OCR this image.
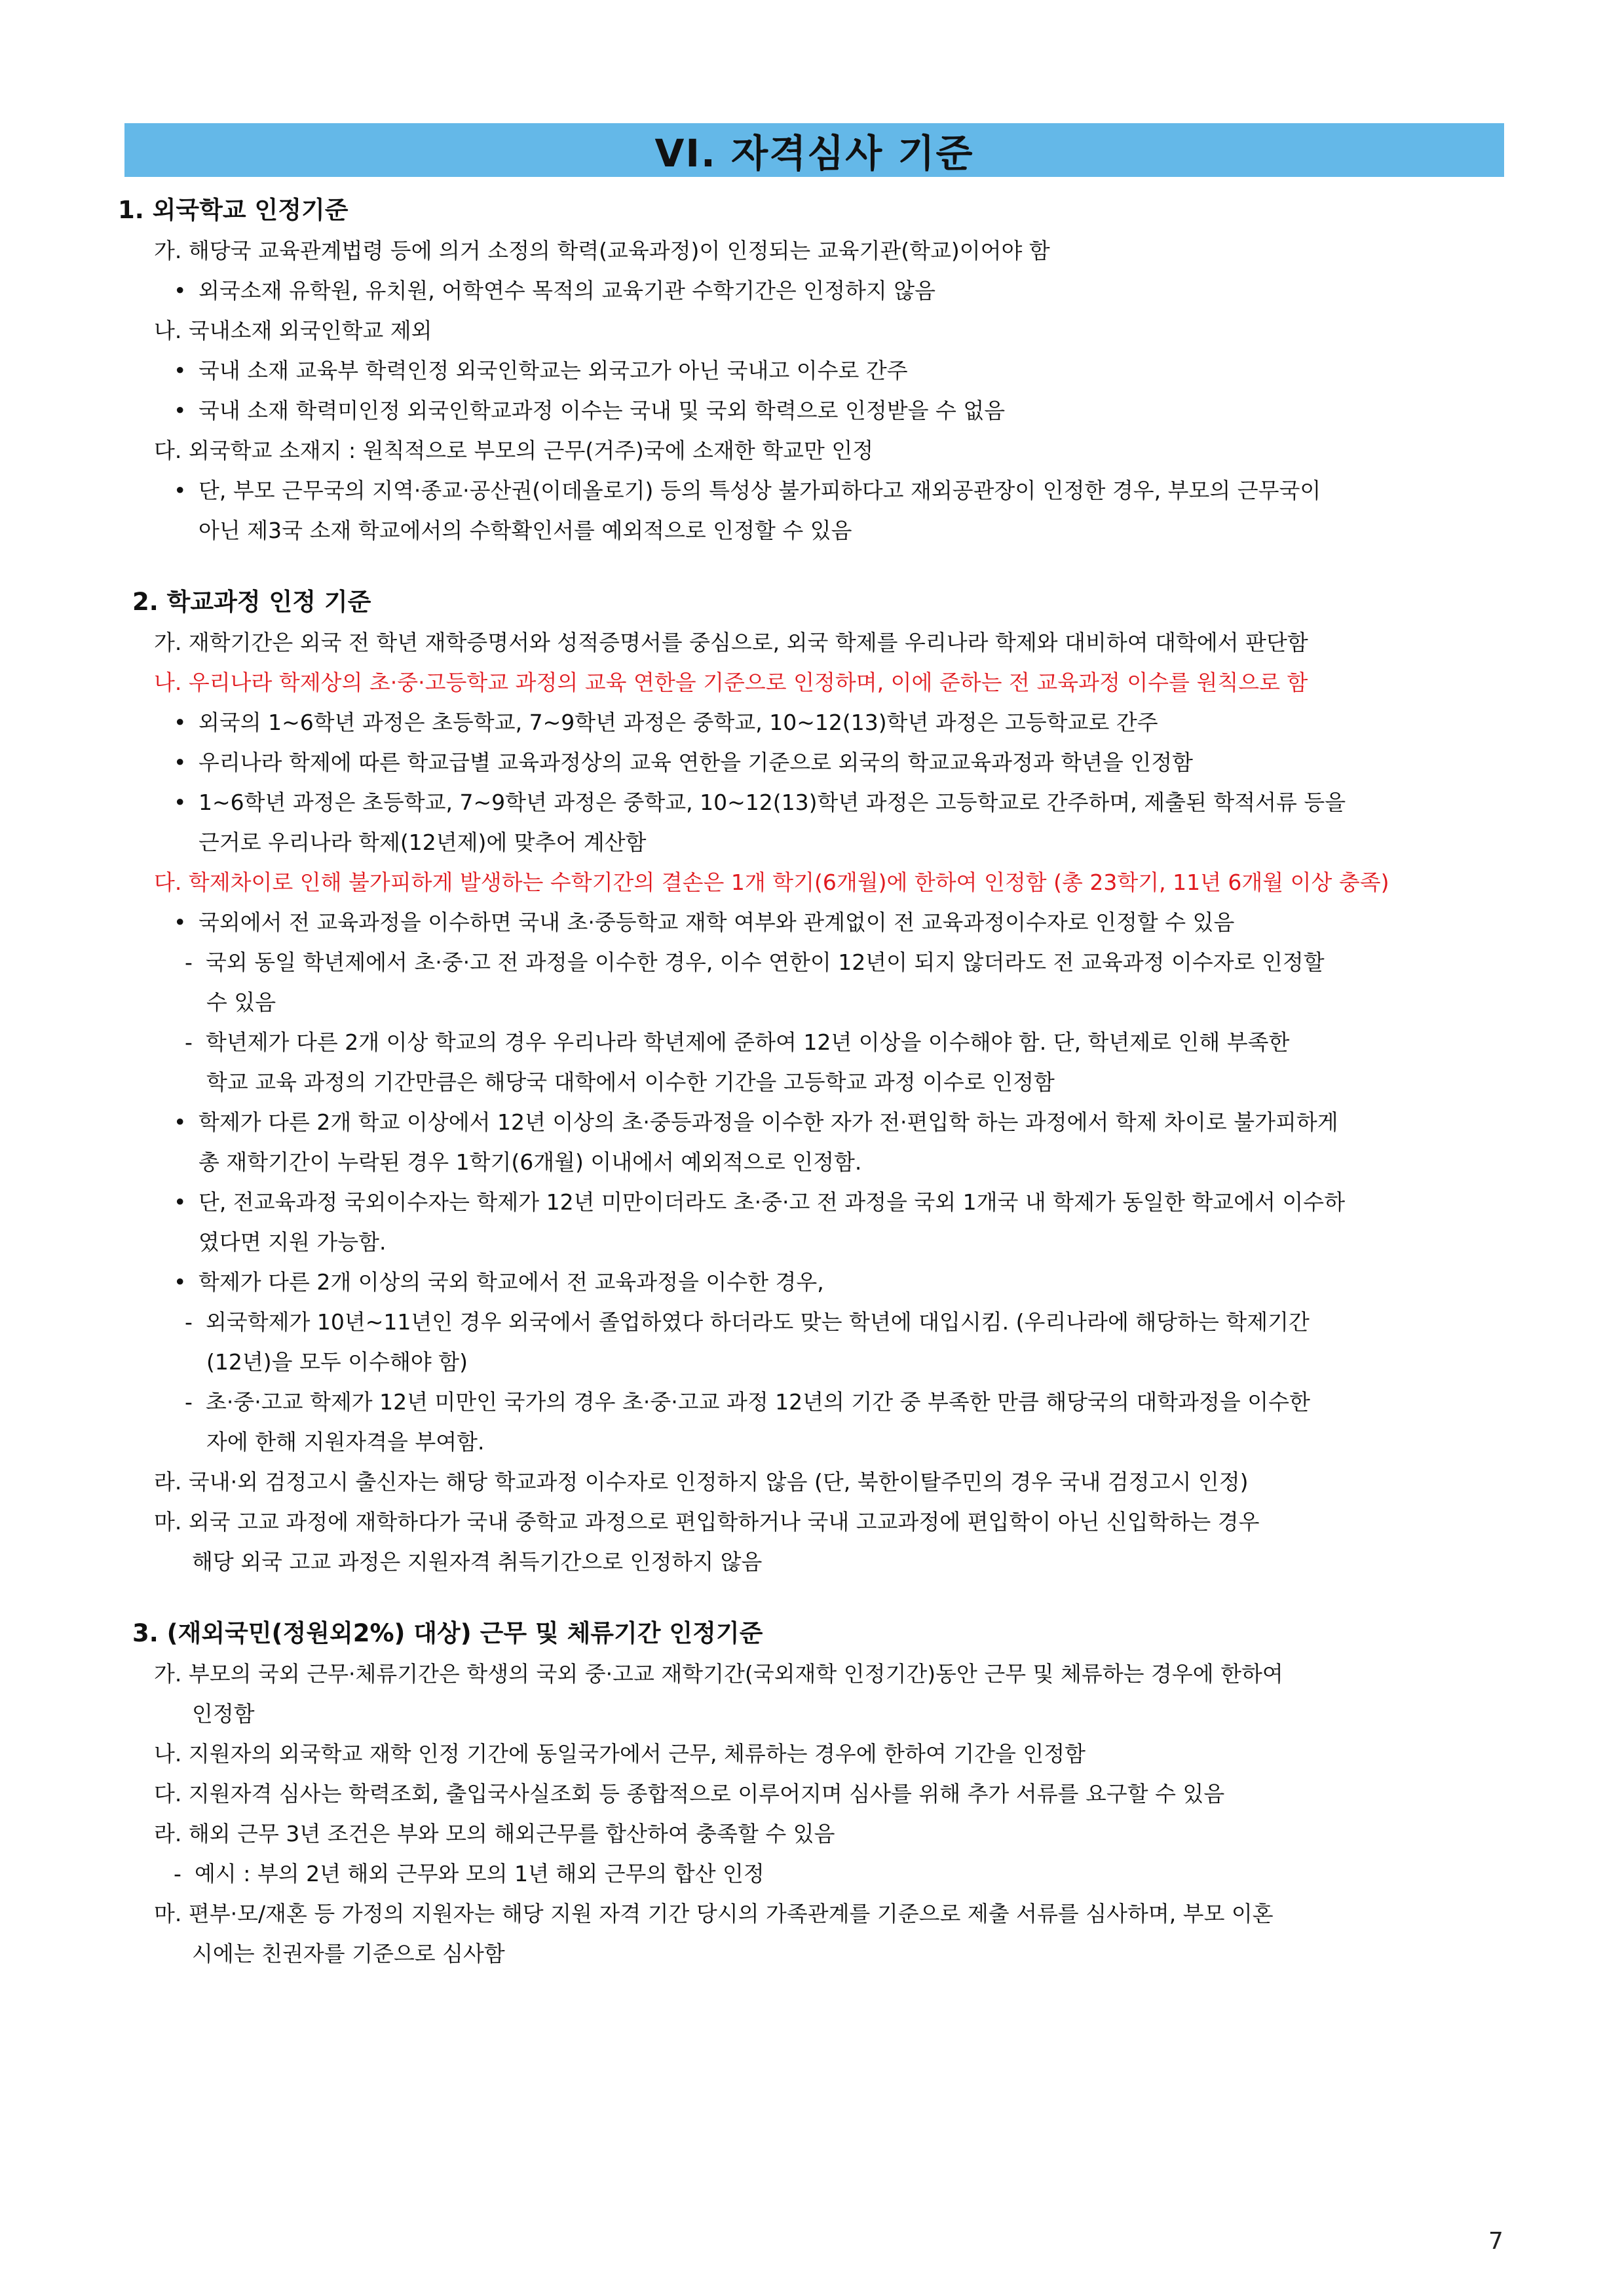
VI. 자격심사 기준
1. 외국학교 인정기준
가. 해당국 교육관계법령 등에 의거 소정의 학력(교육과정)이 인정되는 교육기관(학교)이어야 함
• 외국소재 유학원, 유치원, 어학연수 목적의 교육기관 수학기간은 인정하지 않음
나. 국내소재 외국인학교 제외
• 국내 소재 교육부 학력인정 외국인학교는 외국고가 아닌 국내고 이수로 간주
• 국내 소재 학력미인정 외국인학교과정 이수는 국내 및 국외 학력으로 인정받을 수 없음
다. 외국학교 소재지 : 원칙적으로 부모의 근무(거주)국에 소재한 학교만 인정
• 단, 부모 근무국의 지역·종교·공산권(이데올로기) 등의 특성상 불가피하다고 재외공관장이 인정한 경우, 부모의 근무국이
아닌 제3국 소재 학교에서의 수학확인서를 예외적으로 인정할 수 있음
2. 학교과정 인정 기준
가. 재학기간은 외국 전 학년 재학증명서와 성적증명서를 중심으로, 외국 학제를 우리나라 학제와 대비하여 대학에서 판단함
나. 우리나라 학제상의 초·중·고등학교 과정의 교육 연한을 기준으로 인정하며, 이에 준하는 전 교육과정 이수를 원칙으로 함
• 외국의 1~6학년 과정은 초등학교, 7~9학년 과정은 중학교, 10~12(13)학년 과정은 고등학교로 간주
• 우리나라 학제에 따른 학교급별 교육과정상의 교육 연한을 기준으로 외국의 학교교육과정과 학년을 인정함
• 1~6학년 과정은 초등학교, 7~9학년 과정은 중학교, 10~12(13)학년 과정은 고등학교로 간주하며, 제출된 학적서류 등을
근거로 우리나라 학제(12년제)에 맞추어 계산함
다. 학제차이로 인해 불가피하게 발생하는 수학기간의 결손은 1개 학기(6개월)에 한하여 인정함 (총 23학기, 11년 6개월 이상 충족)
• 국외에서 전 교육과정을 이수하면 국내 초·중등학교 재학 여부와 관계없이 전 교육과정이수자로 인정할 수 있음
- 국외 동일 학년제에서 초·중·고 전 과정을 이수한 경우, 이수 연한이 12년이 되지 않더라도 전 교육과정 이수자로 인정할
수 있음
- 학년제가 다른 2개 이상 학교의 경우 우리나라 학년제에 준하여 12년 이상을 이수해야 함. 단, 학년제로 인해 부족한
학교 교육 과정의 기간만큼은 해당국 대학에서 이수한 기간을 고등학교 과정 이수로 인정함
• 학제가 다른 2개 학교 이상에서 12년 이상의 초·중등과정을 이수한 자가 전·편입학 하는 과정에서 학제 차이로 불가피하게
총 재학기간이 누락된 경우 1학기(6개월) 이내에서 예외적으로 인정함.
• 단, 전교육과정 국외이수자는 학제가 12년 미만이더라도 초·중·고 전 과정을 국외 1개국 내 학제가 동일한 학교에서 이수하
였다면 지원 가능함.
• 학제가 다른 2개 이상의 국외 학교에서 전 교육과정을 이수한 경우,
- 외국학제가 10년~11년인 경우 외국에서 졸업하였다 하더라도 맞는 학년에 대입시킴. (우리나라에 해당하는 학제기간
(12년)을 모두 이수해야 함)
- 초·중·고교 학제가 12년 미만인 국가의 경우 초·중·고교 과정 12년의 기간 중 부족한 만큼 해당국의 대학과정을 이수한
자에 한해 지원자격을 부여함.
라. 국내·외 검정고시 출신자는 해당 학교과정 이수자로 인정하지 않음 (단, 북한이탈주민의 경우 국내 검정고시 인정)
마. 외국 고교 과정에 재학하다가 국내 중학교 과정으로 편입학하거나 국내 고교과정에 편입학이 아닌 신입학하는 경우
해당 외국 고교 과정은 지원자격 취득기간으로 인정하지 않음
3. (재외국민(정원외2%) 대상) 근무 및 체류기간 인정기준
가. 부모의 국외 근무·체류기간은 학생의 국외 중·고교 재학기간(국외재학 인정기간)동안 근무 및 체류하는 경우에 한하여
인정함
나. 지원자의 외국학교 재학 인정 기간에 동일국가에서 근무, 체류하는 경우에 한하여 기간을 인정함
다. 지원자격 심사는 학력조회, 출입국사실조회 등 종합적으로 이루어지며 심사를 위해 추가 서류를 요구할 수 있음
라. 해외 근무 3년 조건은 부와 모의 해외근무를 합산하여 충족할 수 있음
- 예시 : 부의 2년 해외 근무와 모의 1년 해외 근무의 합산 인정
마. 편부·모/재혼 등 가정의 지원자는 해당 지원 자격 기간 당시의 가족관계를 기준으로 제출 서류를 심사하며, 부모 이혼
시에는 친권자를 기준으로 심사함
7
